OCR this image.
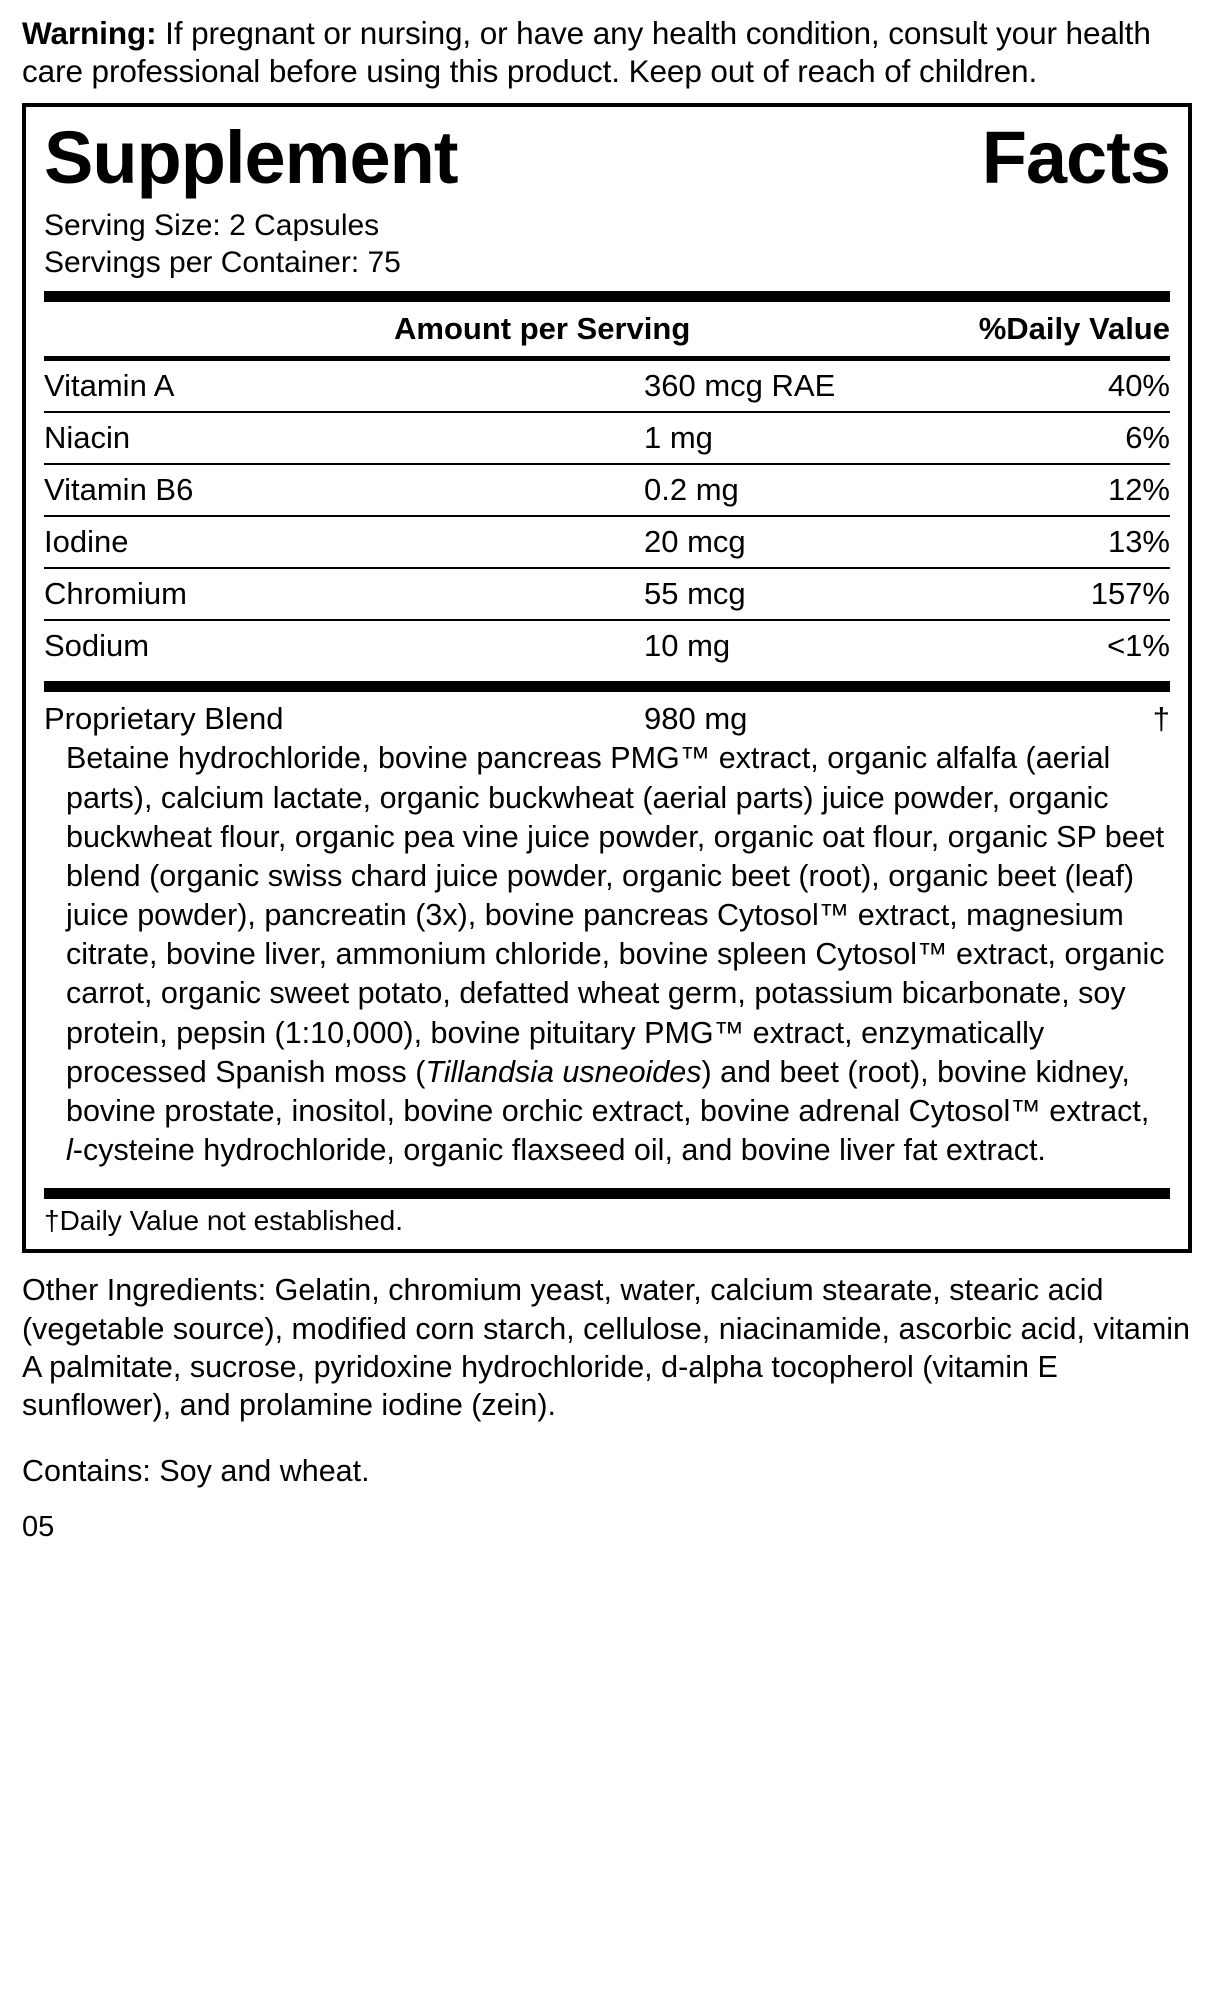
Warning: If pregnant or nursing, or have any health condition, consult your health care professional before using this product. Keep out of reach of children.

Supplement	Facts
Serving Size: 2 Capsules
Servings per Container: 75
Amount per Serving	%Daily Value
Vitamin A	360 mcg RAE	40%
Niacin	1 mg	6%
Vitamin B6	0.2 mg	12%
Iodine	20 mcg	13%
Chromium	55 mcg	157%
Sodium	10 mg	<1%
Proprietary Blend	980 mg	†
Betaine hydrochloride, bovine pancreas PMG™ extract, organic alfalfa (aerial parts), calcium lactate, organic buckwheat (aerial parts) juice powder, organic buckwheat flour, organic pea vine juice powder, organic oat flour, organic SP beet blend (organic swiss chard juice powder, organic beet (root), organic beet (leaf) juice powder), pancreatin (3x), bovine pancreas Cytosol™ extract, magnesium citrate, bovine liver, ammonium chloride, bovine spleen Cytosol™ extract, organic carrot, organic sweet potato, defatted wheat germ, potassium bicarbonate, soy protein, pepsin (1:10,000), bovine pituitary PMG™ extract, enzymatically processed Spanish moss (Tillandsia usneoides) and beet (root), bovine kidney, bovine prostate, inositol, bovine orchic extract, bovine adrenal Cytosol™ extract, l-cysteine hydrochloride, organic flaxseed oil, and bovine liver fat extract.
†Daily Value not established.

Other Ingredients: Gelatin, chromium yeast, water, calcium stearate, stearic acid (vegetable source), modified corn starch, cellulose, niacinamide, ascorbic acid, vitamin A palmitate, sucrose, pyridoxine hydrochloride, d-alpha tocopherol (vitamin E sunflower), and prolamine iodine (zein).

Contains: Soy and wheat.

05
